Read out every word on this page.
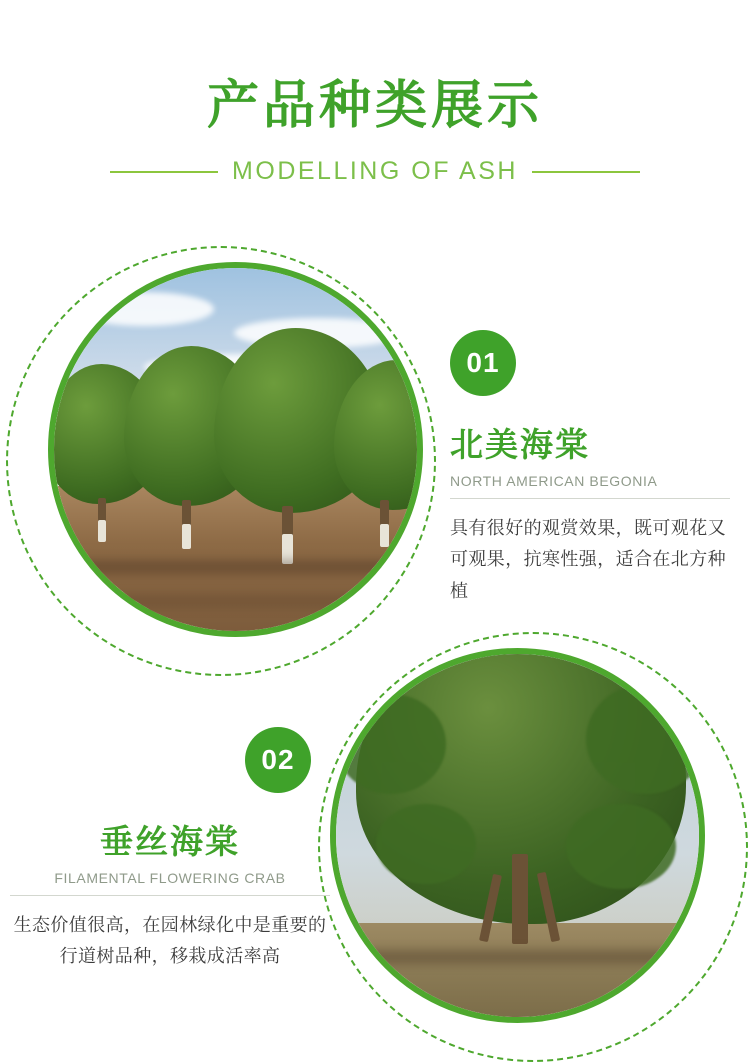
产品种类展示
MODELLING OF ASH
01
北美海棠
NORTH AMERICAN BEGONIA

具有很好的观赏效果，既可观花又可观果，抗寒性强，适合在北方种植

02
垂丝海棠
FILAMENTAL FLOWERING CRAB

生态价值很高，在园林绿化中是重要的行道树品种，移栽成活率高
